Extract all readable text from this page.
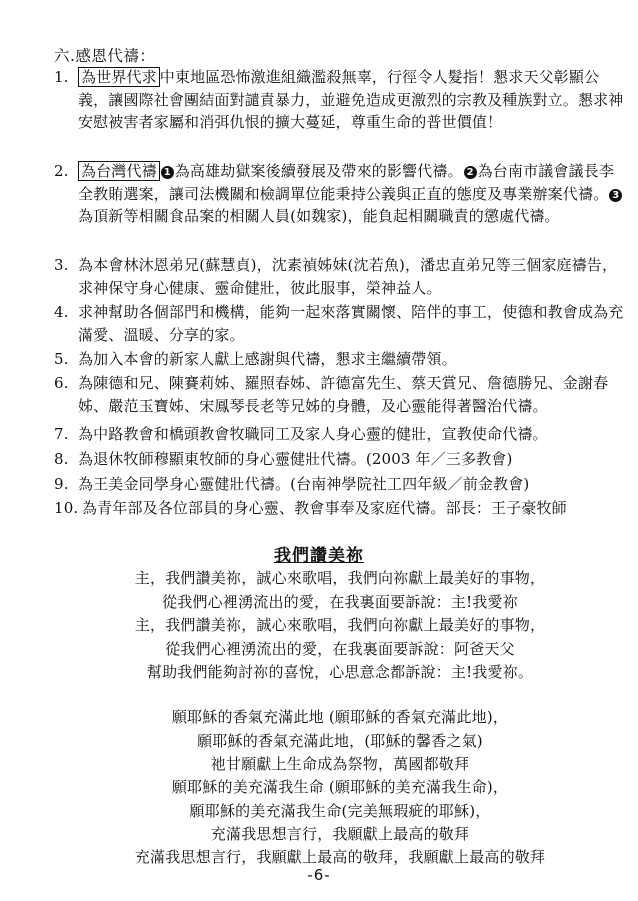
六.感恩代禱：
1. 為世界代求 中東地區恐怖激進組織濫殺無辜，行徑令人髮指！懇求天父彰顯公義，讓國際社會團結面對譴責暴力，並避免造成更激烈的宗教及種族對立。懇求神安慰被害者家屬和消弭仇恨的擴大蔓延，尊重生命的普世價值！
2. 為台灣代禱 1 為高雄劫獄案後續發展及帶來的影響代禱。 2 為台南市議會議長李全教賄選案，讓司法機關和檢調單位能秉持公義與正直的態度及專業辦案代禱。 3為頂新等相關食品案的相關人員(如魏家)，能負起相關職責的懲處代禱。
3. 為本會林沐恩弟兄(蘇慧貞)，沈素禎姊妹(沈若魚)，潘忠直弟兄等三個家庭禱告，求神保守身心健康、靈命健壯，彼此服事，榮神益人。
4. 求神幫助各個部門和機構，能夠一起來落實關懷、陪伴的事工，使德和教會成為充滿愛、溫暖、分享的家。
5. 為加入本會的新家人獻上感謝與代禱，懇求主繼續帶領。
6. 為陳德和兄、陳賽莉姊、羅照春姊、許德富先生、蔡天賞兄、詹德勝兄、金謝春姊、嚴范玉寶姊、宋鳳琴長老等兄姊的身體，及心靈能得著醫治代禱。
7. 為中路教會和橋頭教會牧職同工及家人身心靈的健壯，宣教使命代禱。
8. 為退休牧師穆顯東牧師的身心靈健壯代禱。(2003 年／三多教會)
9. 為王美金同學身心靈健壯代禱。(台南神學院社工四年級／前金教會)
10. 為青年部及各位部員的身心靈、教會事奉及家庭代禱。部長：王子豪牧師
我們讚美祢
主，我們讚美祢，誠心來歌唱，我們向祢獻上最美好的事物，
從我們心裡湧流出的愛，在我裏面要訴說：主!我愛祢
主，我們讚美祢，誠心來歌唱，我們向祢獻上最美好的事物，
從我們心裡湧流出的愛，在我裏面要訴說：阿爸天父
幫助我們能夠討祢的喜悅，心思意念都訴說：主!我愛祢。
願耶穌的香氣充滿此地 (願耶穌的香氣充滿此地)，
願耶穌的香氣充滿此地，(耶穌的馨香之氣)
祂甘願獻上生命成為祭物，萬國都敬拜
願耶穌的美充滿我生命 (願耶穌的美充滿我生命)，
願耶穌的美充滿我生命(完美無瑕疵的耶穌)，
充滿我思想言行，我願獻上最高的敬拜
充滿我思想言行，我願獻上最高的敬拜，我願獻上最高的敬拜
-6-
